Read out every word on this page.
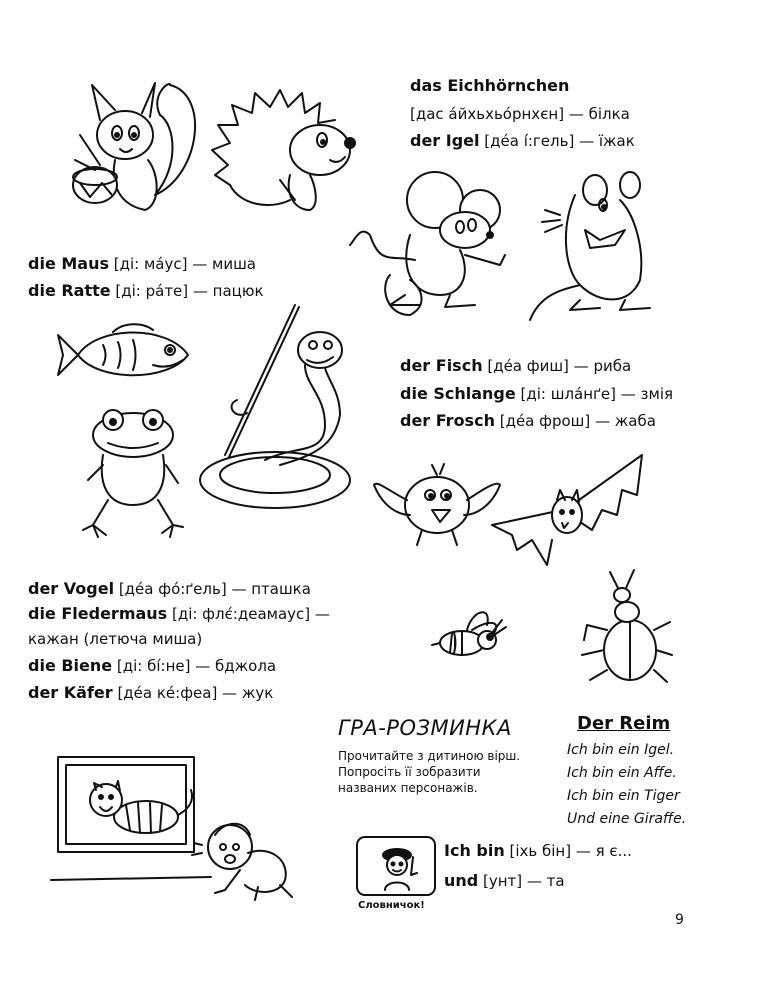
das Eichhörnchen
[дас а́йхьхьо́рнхєн] — білка
der Igel [дéа í:гель] — їжак
die Maus [ді: мáус] — миша
die Ratte [ді: рáте] — пацюк
der Fisch [дéа фиш] — риба
die Schlange [ді: шлáнґе] — змія
der Frosch [дéа фрош] — жаба
der Vogel [дéа фó:ґель] — пташка
die Fledermaus [ді: флє́:деамаус] —
кажан (летюча миша)
die Biene [ді: бí:не] — бджола
der Käfer [дéа кé:феа] — жук
ГРА-РОЗМИНКА
Прочитайте з дитиною вірш.
Попросіть її зобразити
названих персонажів.
Der Reim
Ich bin ein Igel.
Ich bin ein Affe.
Ich bin ein Tiger
Und eine Giraffe.
Словничок!
Ich bin [іхь бін] — я є...
und [унт] — та
9
